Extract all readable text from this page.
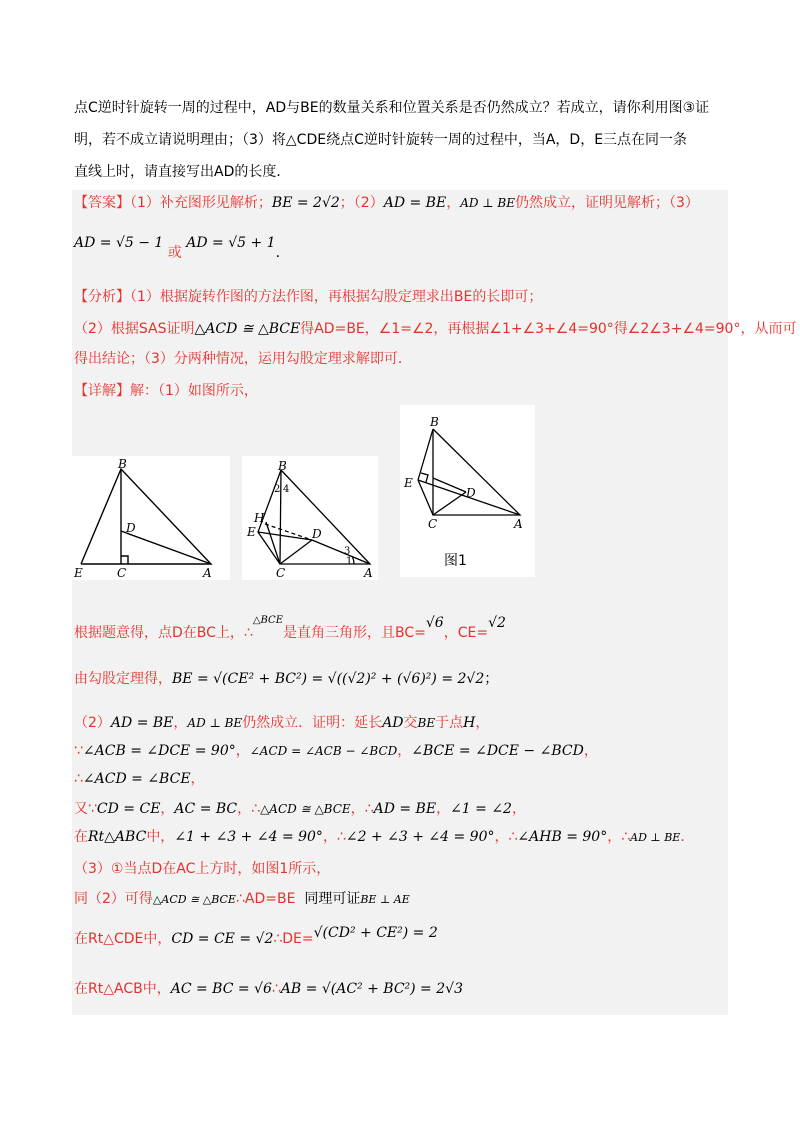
点C逆时针旋转一周的过程中，AD与BE的数量关系和位置关系是否仍然成立？若成立，请你利用图③证
明，若不成立请说明理由；（3）将△CDE绕点C逆时针旋转一周的过程中，当A，D，E三点在同一条
直线上时，请直接写出AD的长度．
【答案】（1）补充图形见解析；BE = 2√2；（2）AD = BE，AD ⊥ BE仍然成立，证明见解析；（3）
AD = √5 − 1 或 AD = √5 + 1．
【分析】（1）根据旋转作图的方法作图，再根据勾股定理求出BE的长即可；
（2）根据SAS证明△ACD ≅ △BCE得AD=BE，∠1=∠2，再根据∠1+∠3+∠4=90°得∠2∠3+∠4=90°，从而可
得出结论；（3）分两种情况，运用勾股定理求解即可．
【详解】解：（1）如图所示，
B
D
E	C	A
B
2 4
H
E	D
3
1
C	A
B
E
D
C	A
图1
根据题意得，点D在BC上，∴$^{\triangle BCE}$是直角三角形，且BC=√6，CE=√2
由勾股定理得，BE = √(CE² + BC²) = √((√2)² + (√6)²) = 2√2；
（2）AD = BE，AD ⊥ BE仍然成立．证明：延长AD交BE于点H，
∵∠ACB = ∠DCE = 90°，∠ACD = ∠ACB − ∠BCD，∠BCE = ∠DCE − ∠BCD，
∴∠ACD = ∠BCE，
又∵CD = CE，AC = BC，∴△ACD ≅ △BCE，∴AD = BE，∠1 = ∠2，
在Rt△ABC中，∠1 + ∠3 + ∠4 = 90°，∴∠2 + ∠3 + ∠4 = 90°，∴∠AHB = 90°，∴AD ⊥ BE．
（3）①当点D在AC上方时，如图1所示，
同（2）可得△ACD ≅ △BCE∴AD=BE 同理可证BE ⊥ AE
在Rt△CDE中，CD = CE = √2∴DE=√(CD² + CE²) = 2
在Rt△ACB中，AC = BC = √6∴AB = √(AC² + BC²) = 2√3
